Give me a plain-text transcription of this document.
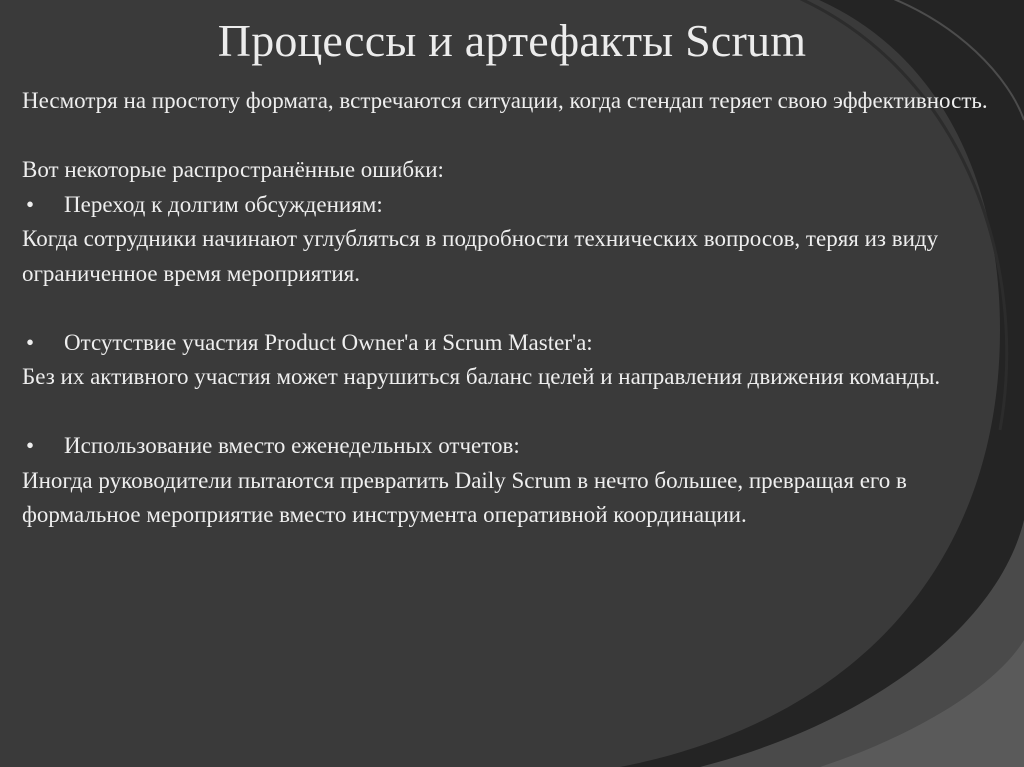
Процессы и артефакты Scrum

Несмотря на простоту формата, встречаются ситуации, когда стендап теряет свою эффективность.

Вот некоторые распространённые ошибки:

•	Переход к долгим обсуждениям:

Когда сотрудники начинают углубляться в подробности технических вопросов, теряя из виду ограниченное время мероприятия.

•	Отсутствие участия Product Owner'a и Scrum Master'a:

Без их активного участия может нарушиться баланс целей и направления движения команды.

•	Использование вместо еженедельных отчетов:

Иногда руководители пытаются превратить Daily Scrum в нечто большее, превращая его в формальное мероприятие вместо инструмента оперативной координации.
